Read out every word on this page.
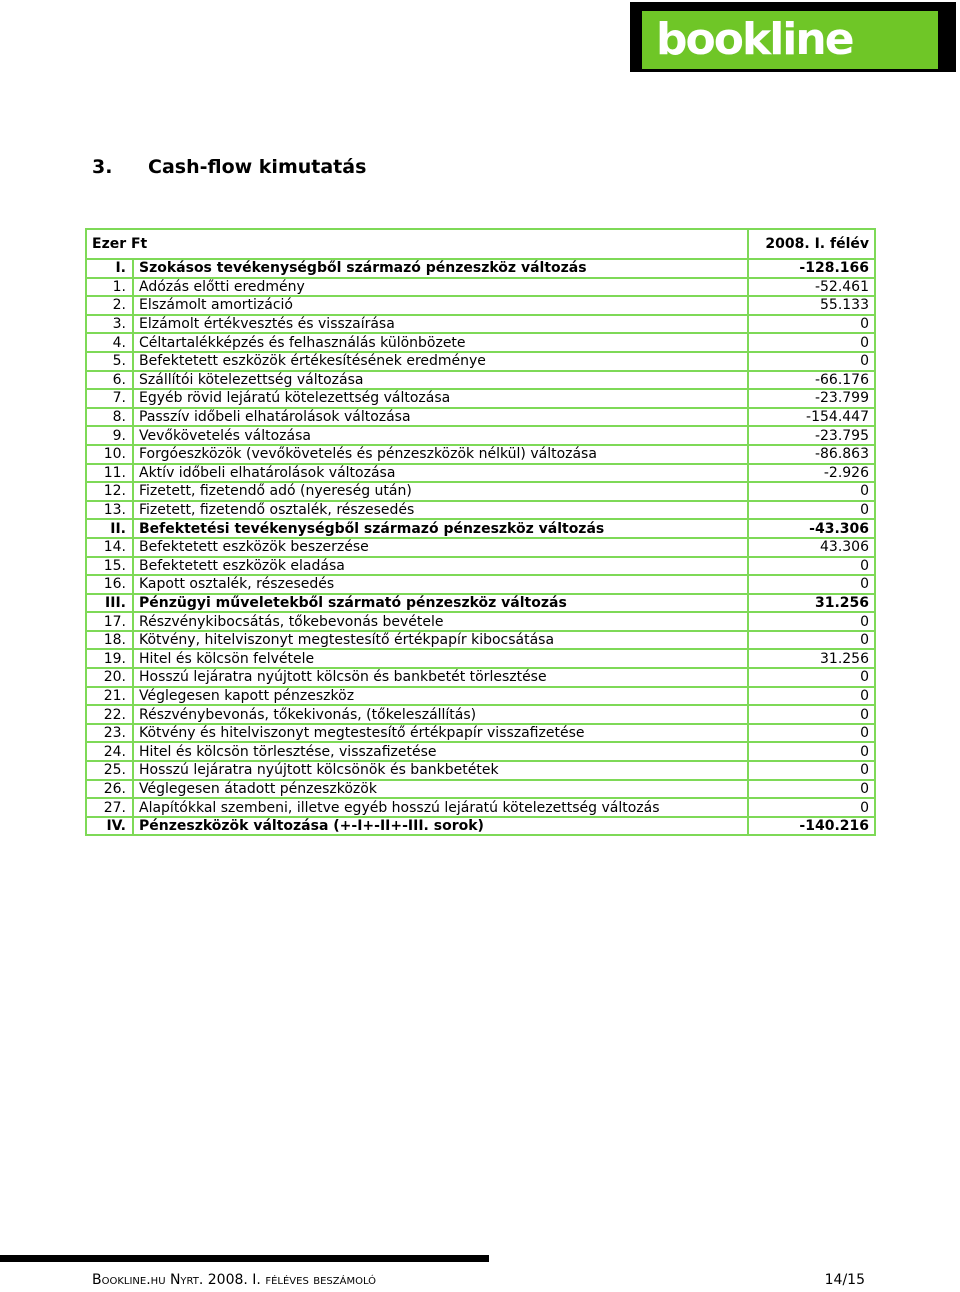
bookline
3. Cash-flow kimutatás
Ezer Ft		2008. I. félév
I.	Szokásos tevékenységből származó pénzeszköz változás	-128.166
1.	Adózás előtti eredmény	-52.461
2.	Elszámolt amortizáció	55.133
3.	Elzámolt értékvesztés és visszaírása	0
4.	Céltartalékképzés és felhasználás különbözete	0
5.	Befektetett eszközök értékesítésének eredménye	0
6.	Szállítói kötelezettség változása	-66.176
7.	Egyéb rövid lejáratú kötelezettség változása	-23.799
8.	Passzív időbeli elhatárolások változása	-154.447
9.	Vevőkövetelés változása	-23.795
10.	Forgóeszközök (vevőkövetelés és pénzeszközök nélkül) változása	-86.863
11.	Aktív időbeli elhatárolások változása	-2.926
12.	Fizetett, fizetendő adó (nyereség után)	0
13.	Fizetett, fizetendő osztalék, részesedés	0
II.	Befektetési tevékenységből származó pénzeszköz változás	-43.306
14.	Befektetett eszközök beszerzése	43.306
15.	Befektetett eszközök eladása	0
16.	Kapott osztalék, részesedés	0
III.	Pénzügyi műveletekből szármató pénzeszköz változás	31.256
17.	Részvénykibocsátás, tőkebevonás bevétele	0
18.	Kötvény, hitelviszonyt megtestesítő értékpapír kibocsátása	0
19.	Hitel és kölcsön felvétele	31.256
20.	Hosszú lejáratra nyújtott kölcsön és bankbetét törlesztése	0
21.	Véglegesen kapott pénzeszköz	0
22.	Részvénybevonás, tőkekivonás, (tőkeleszállítás)	0
23.	Kötvény és hitelviszonyt megtestesítő értékpapír visszafizetése	0
24.	Hitel és kölcsön törlesztése, visszafizetése	0
25.	Hosszú lejáratra nyújtott kölcsönök és bankbetétek	0
26.	Véglegesen átadott pénzeszközök	0
27.	Alapítókkal szembeni, illetve egyéb hosszú lejáratú kötelezettség változás	0
IV.	Pénzeszközök változása (+-I+-II+-III. sorok)	-140.216
Bookline.hu Nyrt. 2008. I. féléves beszámoló	14/15
